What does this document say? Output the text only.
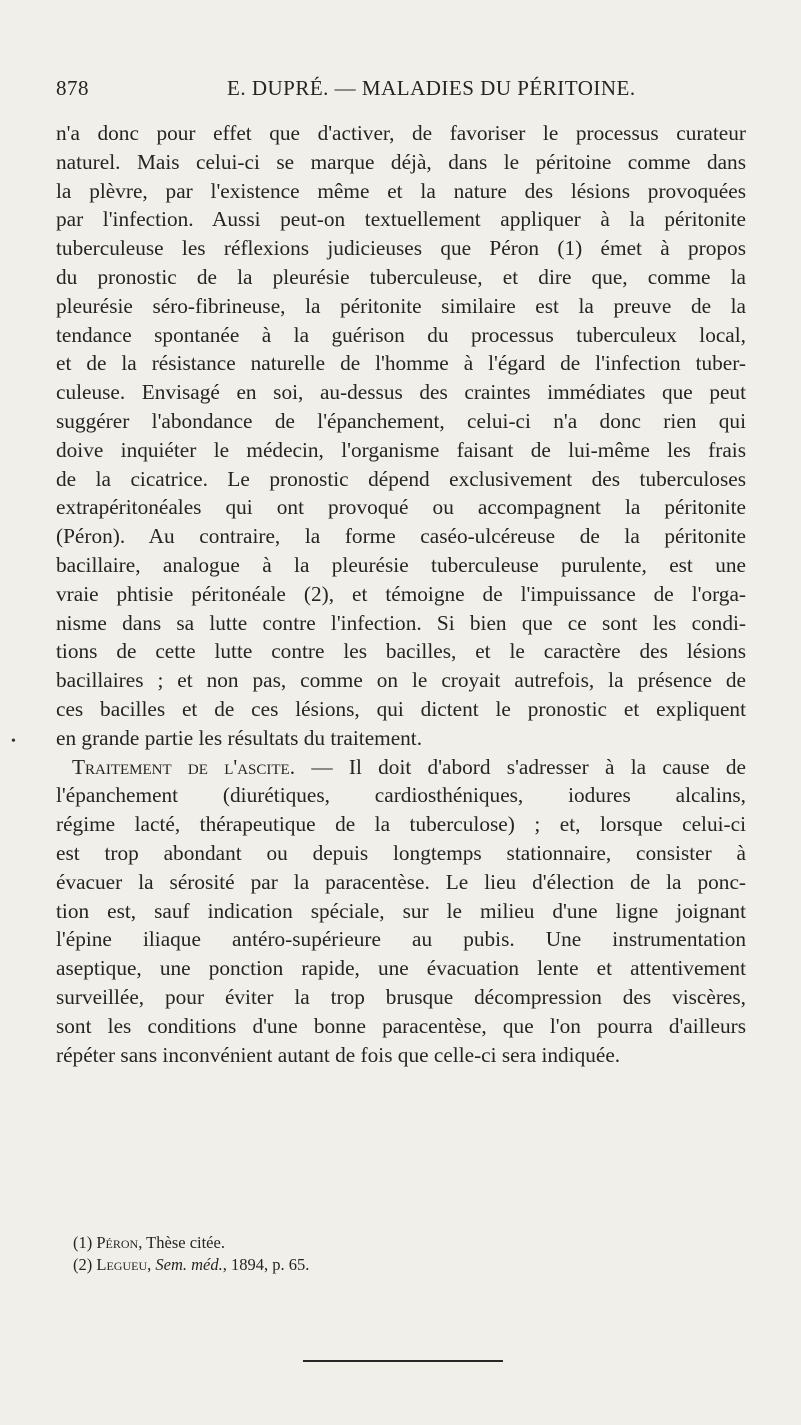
878	E. DUPRÉ. — MALADIES DU PÉRITOINE.
n'a donc pour effet que d'activer, de favoriser le processus curateur
naturel. Mais celui-ci se marque déjà, dans le péritoine comme dans
la plèvre, par l'existence même et la nature des lésions provoquées
par l'infection. Aussi peut-on textuellement appliquer à la péritonite
tuberculeuse les réflexions judicieuses que Péron (1) émet à propos
du pronostic de la pleurésie tuberculeuse, et dire que, comme la
pleurésie séro-fibrineuse, la péritonite similaire est la preuve de la
tendance spontanée à la guérison du processus tuberculeux local,
et de la résistance naturelle de l'homme à l'égard de l'infection tuber-
culeuse. Envisagé en soi, au-dessus des craintes immédiates que peut
suggérer l'abondance de l'épanchement, celui-ci n'a donc rien qui
doive inquiéter le médecin, l'organisme faisant de lui-même les frais
de la cicatrice. Le pronostic dépend exclusivement des tuberculoses
extrapéritonéales qui ont provoqué ou accompagnent la péritonite
(Péron). Au contraire, la forme caséo-ulcéreuse de la péritonite
bacillaire, analogue à la pleurésie tuberculeuse purulente, est une
vraie phtisie péritonéale (2), et témoigne de l'impuissance de l'orga-
nisme dans sa lutte contre l'infection. Si bien que ce sont les condi-
tions de cette lutte contre les bacilles, et le caractère des lésions
bacillaires ; et non pas, comme on le croyait autrefois, la présence de
ces bacilles et de ces lésions, qui dictent le pronostic et expliquent
en grande partie les résultats du traitement.
Traitement de l'ascite. — Il doit d'abord s'adresser à la cause de
l'épanchement (diurétiques, cardiosthéniques, iodures alcalins,
régime lacté, thérapeutique de la tuberculose) ; et, lorsque celui-ci
est trop abondant ou depuis longtemps stationnaire, consister à
évacuer la sérosité par la paracentèse. Le lieu d'élection de la ponc-
tion est, sauf indication spéciale, sur le milieu d'une ligne joignant
l'épine iliaque antéro-supérieure au pubis. Une instrumentation
aseptique, une ponction rapide, une évacuation lente et attentivement
surveillée, pour éviter la trop brusque décompression des viscères,
sont les conditions d'une bonne paracentèse, que l'on pourra d'ailleurs
répéter sans inconvénient autant de fois que celle-ci sera indiquée.
•
(1) Péron, Thèse citée.
(2) Legueu, Sem. méd., 1894, p. 65.
